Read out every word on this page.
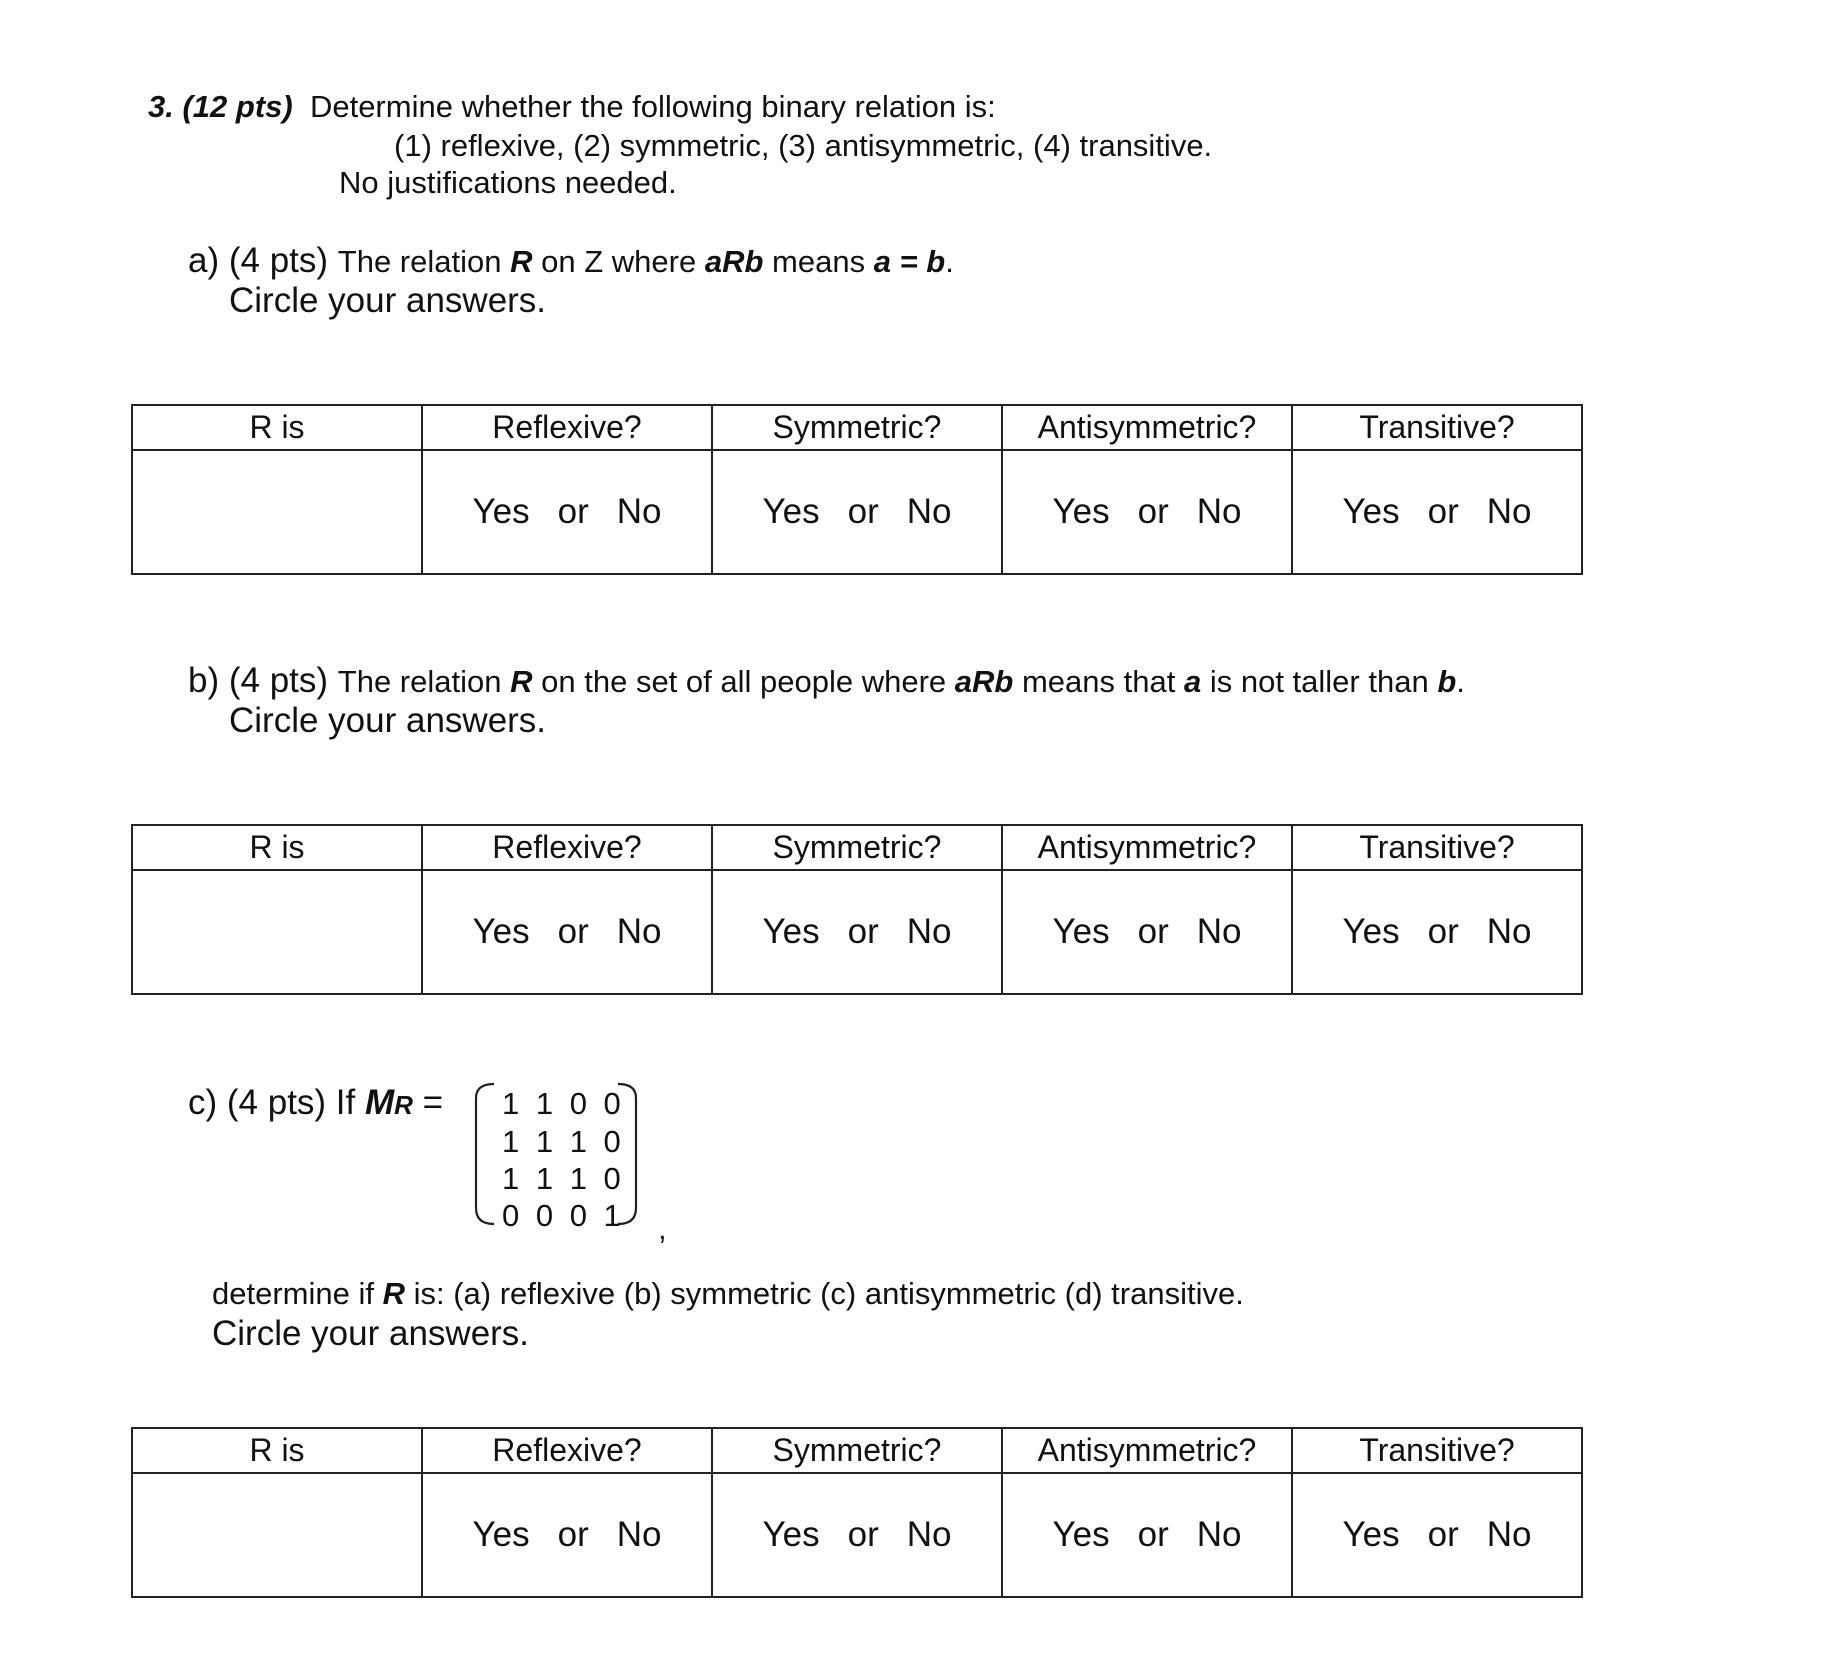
3. (12 pts) Determine whether the following binary relation is:
(1) reflexive, (2) symmetric, (3) antisymmetric, (4) transitive.
No justifications needed.
a) (4 pts) The relation R on Z where aRb means a = b.
Circle your answers.
R is	Reflexive?	Symmetric?	Antisymmetric?	Transitive?
	Yes or No	Yes or No	Yes or No	Yes or No
b) (4 pts) The relation R on the set of all people where aRb means that a is not taller than b.
Circle your answers.
R is	Reflexive?	Symmetric?	Antisymmetric?	Transitive?
	Yes or No	Yes or No	Yes or No	Yes or No
c) (4 pts) If MR = 1 1 0 0
1 1 1 0
1 1 1 0
0 0 0 1 ,
determine if R is: (a) reflexive (b) symmetric (c) antisymmetric (d) transitive.
Circle your answers.
R is	Reflexive?	Symmetric?	Antisymmetric?	Transitive?
	Yes or No	Yes or No	Yes or No	Yes or No
